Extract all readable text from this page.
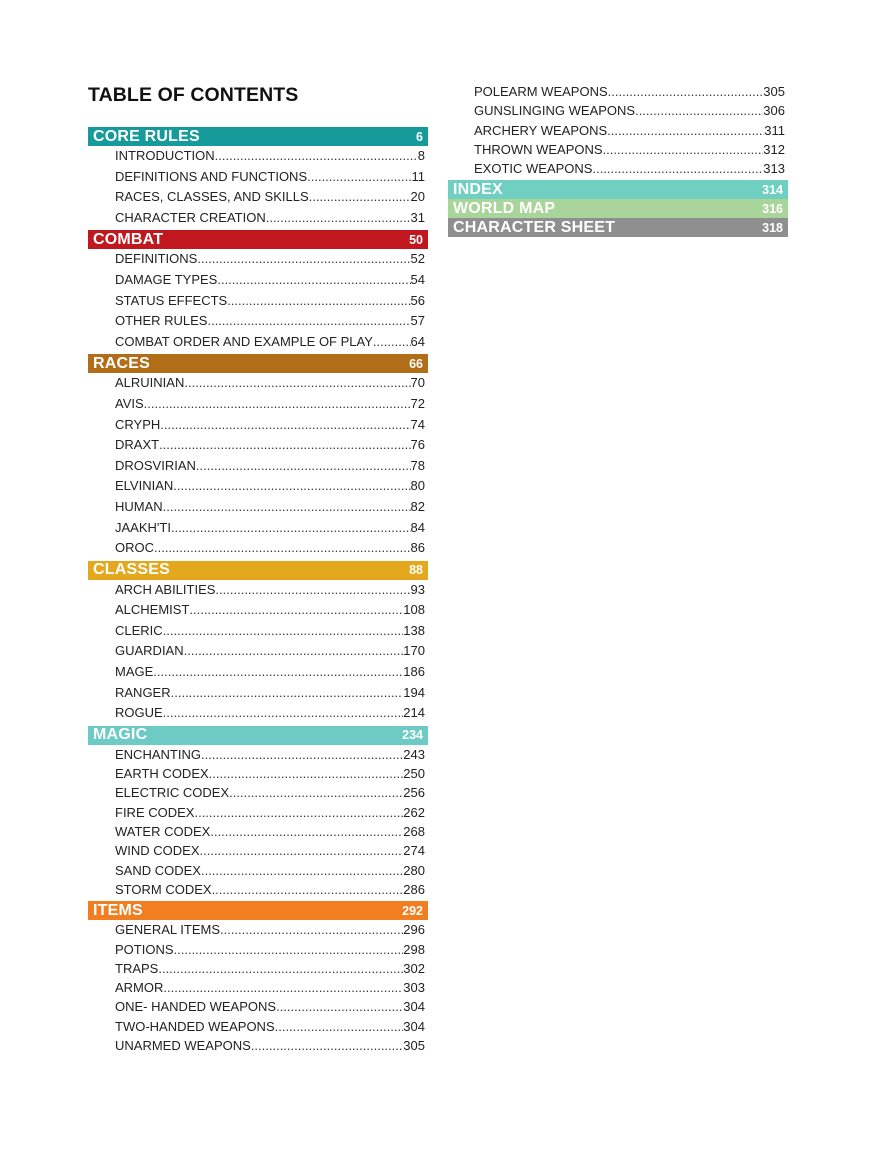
TABLE OF CONTENTS
CORE RULES	6
INTRODUCTION .....	8
DEFINITIONS AND FUNCTIONS .....	11
RACES, CLASSES, AND SKILLS .....	20
CHARACTER CREATION .....	31
COMBAT	50
DEFINITIONS .....	52
DAMAGE TYPES .....	54
STATUS EFFECTS .....	56
OTHER RULES .....	57
COMBAT ORDER AND EXAMPLE OF PLAY .....	64
RACES	66
ALRUINIAN .....	70
AVIS .....	72
CRYPH .....	74
DRAXT .....	76
DROSVIRIAN .....	78
ELVINIAN .....	80
HUMAN .....	82
JAAKH'TI .....	84
OROC .....	86
CLASSES	88
ARCH ABILITIES .....	93
ALCHEMIST .....	108
CLERIC .....	138
GUARDIAN .....	170
MAGE .....	186
RANGER .....	194
ROGUE .....	214
MAGIC	234
ENCHANTING .....	243
EARTH CODEX .....	250
ELECTRIC CODEX .....	256
FIRE CODEX .....	262
WATER CODEX .....	268
WIND CODEX .....	274
SAND CODEX .....	280
STORM CODEX .....	286
ITEMS	292
GENERAL ITEMS .....	296
POTIONS .....	298
TRAPS .....	302
ARMOR .....	303
ONE- HANDED WEAPONS .....	304
TWO-HANDED WEAPONS .....	304
UNARMED WEAPONS .....	305
POLEARM WEAPONS .....	305
GUNSLINGING WEAPONS .....	306
ARCHERY WEAPONS .....	311
THROWN WEAPONS .....	312
EXOTIC WEAPONS .....	313
INDEX	314
WORLD MAP	316
CHARACTER SHEET	318
